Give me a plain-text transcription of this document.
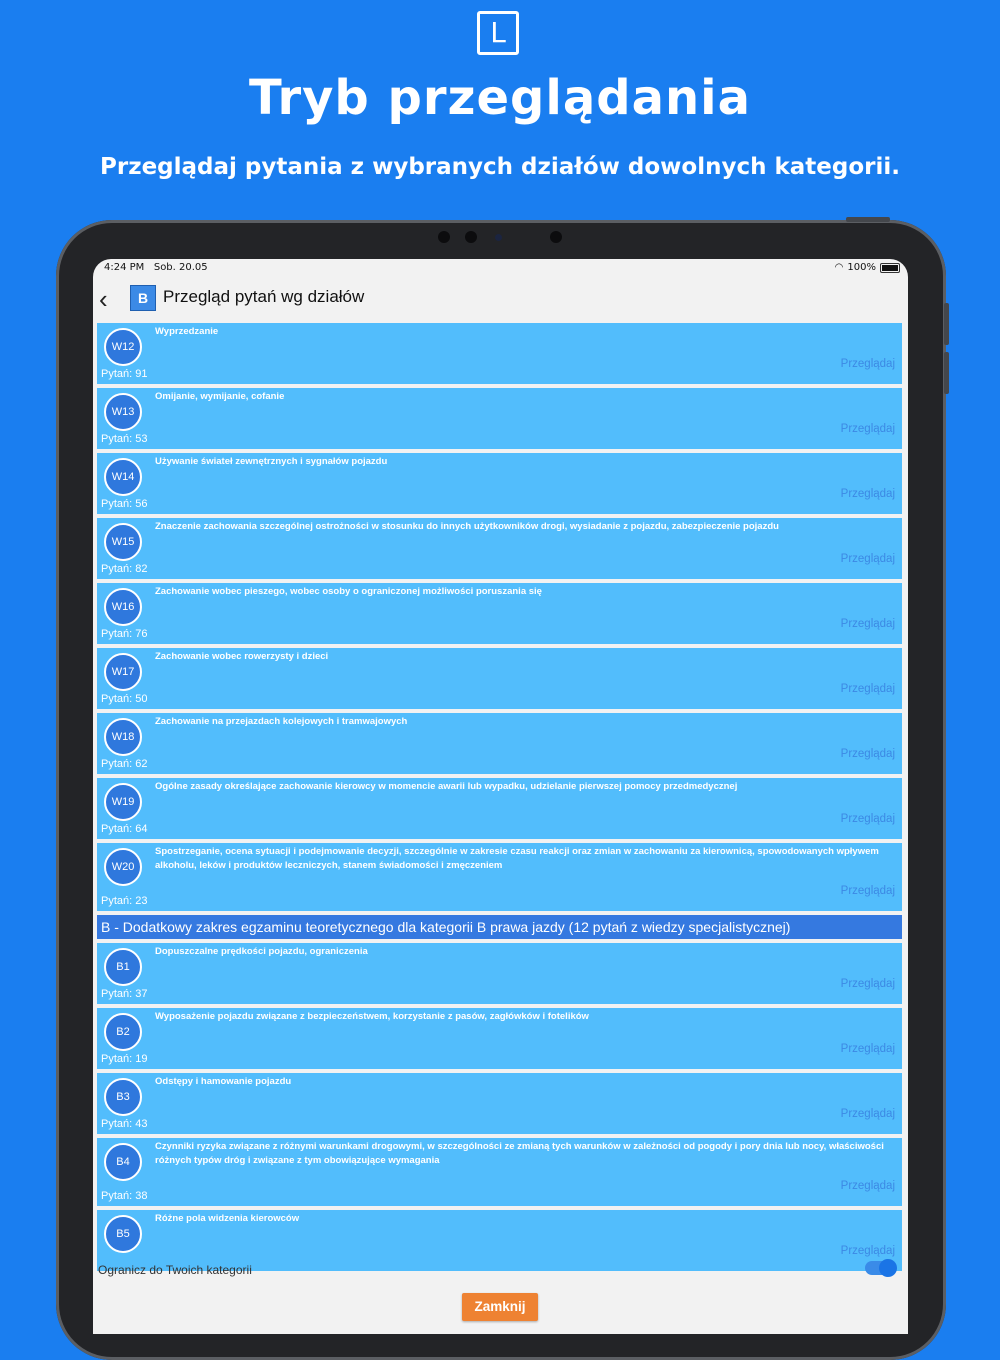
L
Tryb przeglądania
Przeglądaj pytania z wybranych działów dowolnych kategorii.
4:24 PM Sob. 20.05	◠ 100%
‹	B Przegląd pytań wg działów
W12
Wyprzedzanie
Pytań: 91
Przeglądaj
W13
Omijanie, wymijanie, cofanie
Pytań: 53
Przeglądaj
W14
Używanie świateł zewnętrznych i sygnałów pojazdu
Pytań: 56
Przeglądaj
W15
Znaczenie zachowania szczególnej ostrożności w stosunku do innych użytkowników drogi, wysiadanie z pojazdu, zabezpieczenie pojazdu
Pytań: 82
Przeglądaj
W16
Zachowanie wobec pieszego, wobec osoby o ograniczonej możliwości poruszania się
Pytań: 76
Przeglądaj
W17
Zachowanie wobec rowerzysty i dzieci
Pytań: 50
Przeglądaj
W18
Zachowanie na przejazdach kolejowych i tramwajowych
Pytań: 62
Przeglądaj
W19
Ogólne zasady określające zachowanie kierowcy w momencie awarii lub wypadku, udzielanie pierwszej pomocy przedmedycznej
Pytań: 64
Przeglądaj
W20
Spostrzeganie, ocena sytuacji i podejmowanie decyzji, szczególnie w zakresie czasu reakcji oraz zmian w zachowaniu za kierownicą, spowodowanych wpływem alkoholu, leków i produktów leczniczych, stanem świadomości i zmęczeniem
Pytań: 23
Przeglądaj
B - Dodatkowy zakres egzaminu teoretycznego dla kategorii B prawa jazdy (12 pytań z wiedzy specjalistycznej)
B1
Dopuszczalne prędkości pojazdu, ograniczenia
Pytań: 37
Przeglądaj
B2
Wyposażenie pojazdu związane z bezpieczeństwem, korzystanie z pasów, zagłówków i fotelików
Pytań: 19
Przeglądaj
B3
Odstępy i hamowanie pojazdu
Pytań: 43
Przeglądaj
B4
Czynniki ryzyka związane z różnymi warunkami drogowymi, w szczególności ze zmianą tych warunków w zależności od pogody i pory dnia lub nocy, właściwości różnych typów dróg i związane z tym obowiązujące wymagania
Pytań: 38
Przeglądaj
B5
Różne pola widzenia kierowców
Przeglądaj
Ogranicz do Twoich kategorii
Zamknij
